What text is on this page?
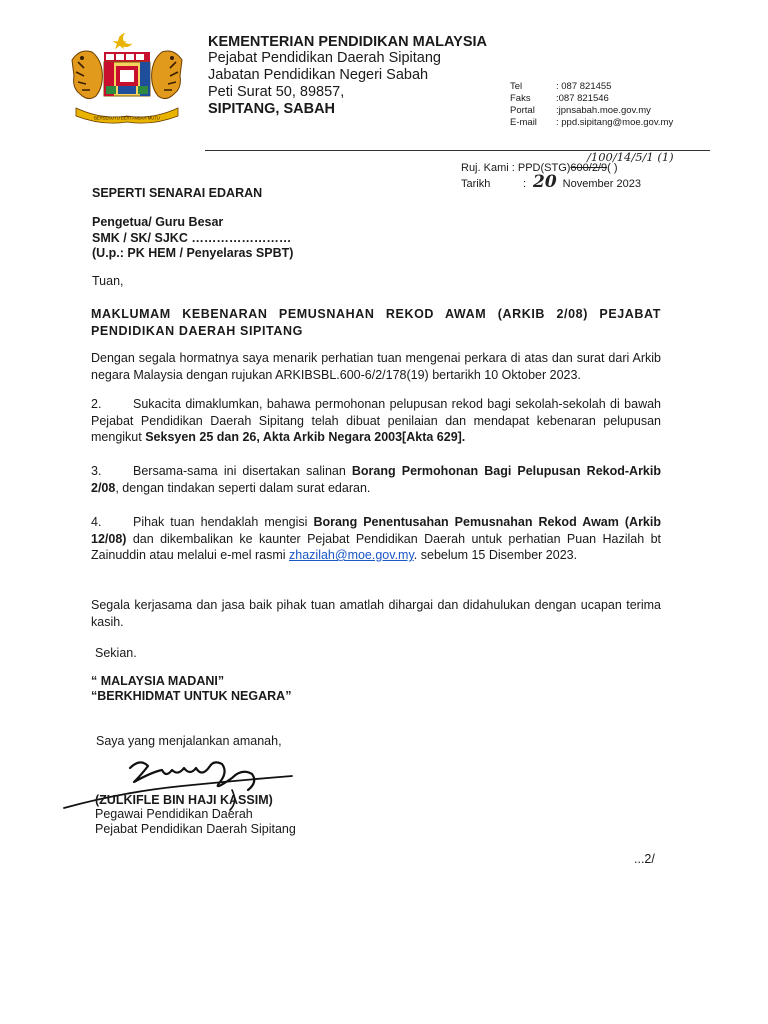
BERSEKUTU BERTAMBAH MUTU
KEMENTERIAN PENDIDIKAN MALAYSIA
Pejabat Pendidikan Daerah Sipitang
Jabatan Pendidikan Negeri Sabah
Peti Surat 50, 89857,
SIPITANG, SABAH
Tel	: 087 821455
Faks	:087 821546
Portal :jpnsabah.moe.gov.my
E-mail : ppd.sipitang@moe.gov.my
/100/14/5/1 (1)
Ruj. Kami : PPD(STG)600/2/9( )
Tarikh	: 20 November 2023
SEPERTI SENARAI EDARAN
Pengetua/ Guru Besar
SMK / SK/ SJKC ……………………
(U.p.: PK HEM / Penyelaras SPBT)
Tuan,
MAKLUMAM KEBENARAN PEMUSNAHAN REKOD AWAM (ARKIB 2/08) PEJABAT PENDIDIKAN DAERAH SIPITANG
Dengan segala hormatnya saya menarik perhatian tuan mengenai perkara di atas dan surat dari Arkib negara Malaysia dengan rujukan ARKIBSBL.600-6/2/178(19) bertarikh 10 Oktober 2023.
2.	Sukacita dimaklumkan, bahawa permohonan pelupusan rekod bagi sekolah-sekolah di bawah Pejabat Pendidikan Daerah Sipitang telah dibuat penilaian dan mendapat kebenaran pelupusan mengikut Seksyen 25 dan 26, Akta Arkib Negara 2003[Akta 629].
3.	Bersama-sama ini disertakan salinan Borang Permohonan Bagi Pelupusan Rekod-Arkib 2/08, dengan tindakan seperti dalam surat edaran.
4.	Pihak tuan hendaklah mengisi Borang Penentusahan Pemusnahan Rekod Awam (Arkib 12/08) dan dikembalikan ke kaunter Pejabat Pendidikan Daerah untuk perhatian Puan Hazilah bt Zainuddin atau melalui e-mel rasmi zhazilah@moe.gov.my. sebelum 15 Disember 2023.
Segala kerjasama dan jasa baik pihak tuan amatlah dihargai dan didahulukan dengan ucapan terima kasih.
Sekian.
“ MALAYSIA MADANI”
“BERKHIDMAT UNTUK NEGARA”
Saya yang menjalankan amanah,
(ZULKIFLE BIN HAJI KASSIM)
Pegawai Pendidikan Daerah
Pejabat Pendidikan Daerah Sipitang
...2/
